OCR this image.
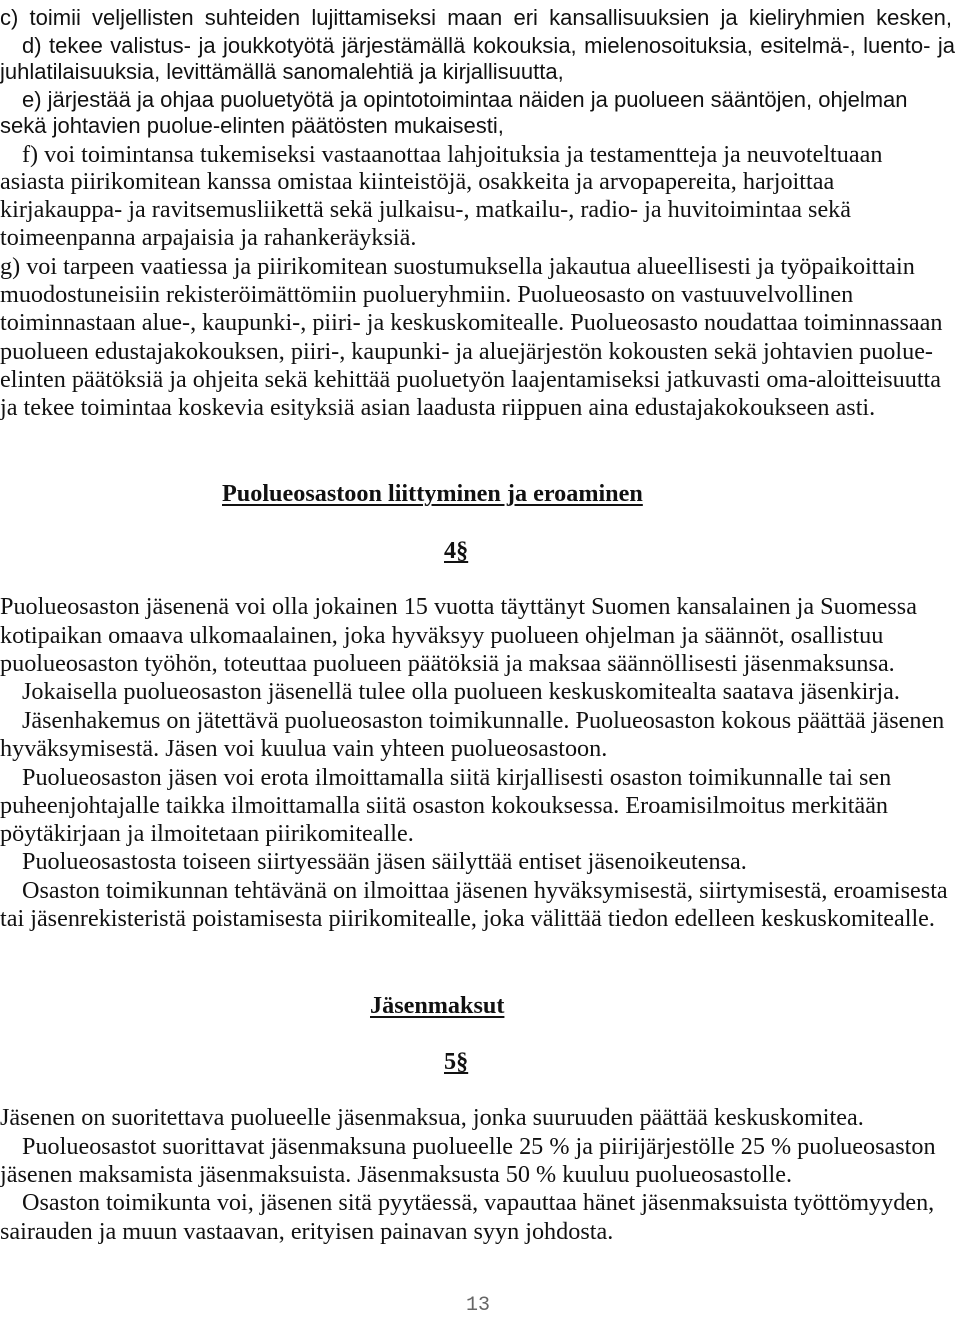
c) toimii veljellisten suhteiden lujittamiseksi maan eri kansallisuuksien ja kieliryhmien kesken,
d) tekee valistus- ja joukkotyötä järjestämällä kokouksia, mielenosoituksia, esitelmä-, luento- ja
juhlatilaisuuksia, levittämällä sanomalehtiä ja kirjallisuutta,
e) järjestää ja ohjaa puoluetyötä ja opintotoimintaa näiden ja puolueen sääntöjen, ohjelman
sekä johtavien puolue-elinten päätösten mukaisesti,
f) voi toimintansa tukemiseksi vastaanottaa lahjoituksia ja testamentteja ja neuvoteltuaan
asiasta piirikomitean kanssa omistaa kiinteistöjä, osakkeita ja arvopapereita, harjoittaa
kirjakauppa- ja ravitsemusliikettä sekä julkaisu-, matkailu-, radio- ja huvitoimintaa sekä
toimeenpanna arpajaisia ja rahankeräyksiä.
g) voi tarpeen vaatiessa ja piirikomitean suostumuksella jakautua alueellisesti ja työpaikoittain
muodostuneisiin rekisteröimättömiin puolueryhmiin. Puolueosasto on vastuuvelvollinen
toiminnastaan alue-, kaupunki-, piiri- ja keskuskomitealle. Puolueosasto noudattaa toiminnassaan
puolueen edustajakokouksen, piiri-, kaupunki- ja aluejärjestön kokousten sekä johtavien puolue-
elinten päätöksiä ja ohjeita sekä kehittää puoluetyön laajentamiseksi jatkuvasti oma-aloitteisuutta
ja tekee toimintaa koskevia esityksiä asian laadusta riippuen aina edustajakokoukseen asti.
Puolueosastoon liittyminen ja eroaminen
4§
Puolueosaston jäsenenä voi olla jokainen 15 vuotta täyttänyt Suomen kansalainen ja Suomessa
kotipaikan omaava ulkomaalainen, joka hyväksyy puolueen ohjelman ja säännöt, osallistuu
puolueosaston työhön, toteuttaa puolueen päätöksiä ja maksaa säännöllisesti jäsenmaksunsa.
Jokaisella puolueosaston jäsenellä tulee olla puolueen keskuskomitealta saatava jäsenkirja.
Jäsenhakemus on jätettävä puolueosaston toimikunnalle. Puolueosaston kokous päättää jäsenen
hyväksymisestä. Jäsen voi kuulua vain yhteen puolueosastoon.
Puolueosaston jäsen voi erota ilmoittamalla siitä kirjallisesti osaston toimikunnalle tai sen
puheenjohtajalle taikka ilmoittamalla siitä osaston kokouksessa. Eroamisilmoitus merkitään
pöytäkirjaan ja ilmoitetaan piirikomitealle.
Puolueosastosta toiseen siirtyessään jäsen säilyttää entiset jäsenoikeutensa.
Osaston toimikunnan tehtävänä on ilmoittaa jäsenen hyväksymisestä, siirtymisestä, eroamisesta
tai jäsenrekisteristä poistamisesta piirikomitealle, joka välittää tiedon edelleen keskuskomitealle.
Jäsenmaksut
5§
Jäsenen on suoritettava puolueelle jäsenmaksua, jonka suuruuden päättää keskuskomitea.
Puolueosastot suorittavat jäsenmaksuna puolueelle 25 % ja piirijärjestölle 25 % puolueosaston
jäsenen maksamista jäsenmaksuista. Jäsenmaksusta 50 % kuuluu puolueosastolle.
Osaston toimikunta voi, jäsenen sitä pyytäessä, vapauttaa hänet jäsenmaksuista työttömyyden,
sairauden ja muun vastaavan, erityisen painavan syyn johdosta.
13
